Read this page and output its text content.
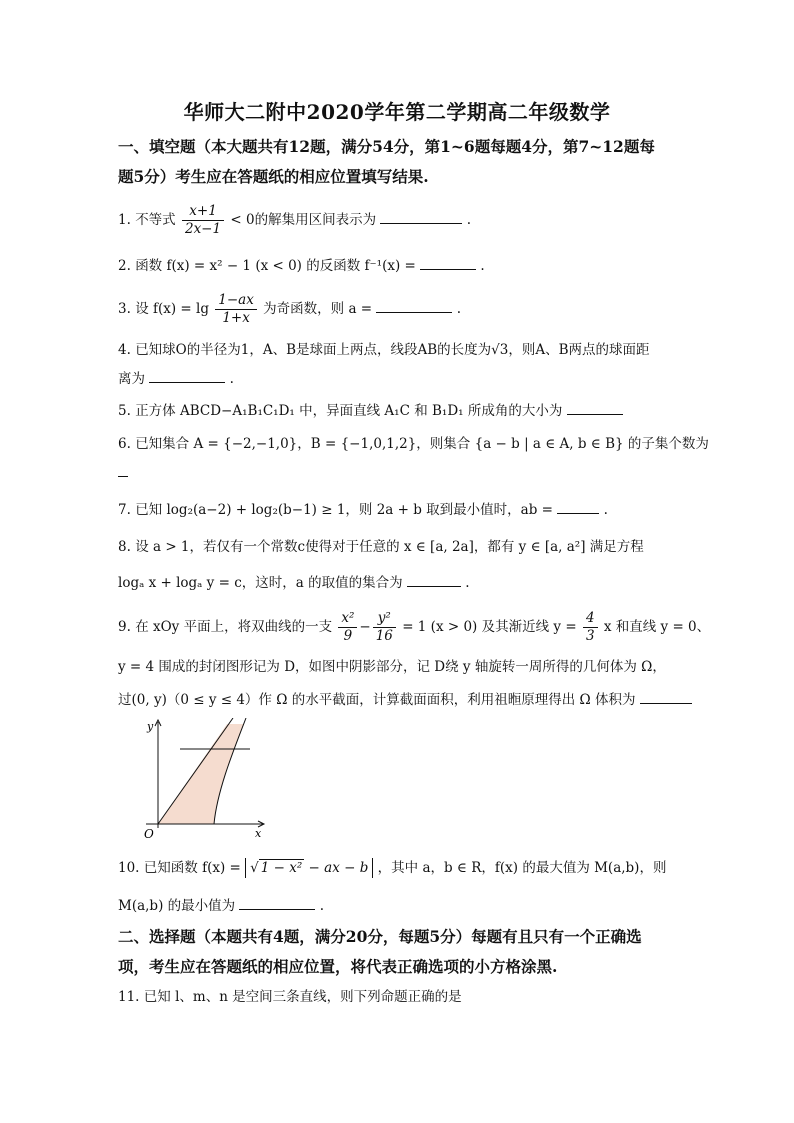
华师大二附中2020学年第二学期高二年级数学
一、填空题（本大题共有12题，满分54分，第1~6题每题4分，第7~12题每
题5分）考生应在答题纸的相应位置填写结果.
1. 不等式 $\frac{x+1}{2x-1} < 0$的解集用区间表示为	.
2. 函数 f(x) = x² − 1 (x < 0) 的反函数 f⁻¹(x) =	.
3. 设 $f(x) = \lg \frac{1-ax}{1+x}$ 为奇函数，则 a =	.
4. 已知球O的半径为1，A、B是球面上两点，线段AB的长度为√3，则A、B两点的球面距
离为	.
5. 正方体 ABCD−A₁B₁C₁D₁ 中，异面直线 A₁C 和 B₁D₁ 所成角的大小为
6. 已知集合 A = {−2,−1,0}，B = {−1,0,1,2}，则集合 {a − b | a ∈ A, b ∈ B} 的子集个数为
7. 已知 log₂(a−2) + log₂(b−1) ≥ 1，则 2a + b 取到最小值时，ab =	.
8. 设 a > 1，若仅有一个常数c使得对于任意的 x ∈ [a, 2a]，都有 y ∈ [a, a²] 满足方程
logₐ x + logₐ y = c，这时，a 的取值的集合为	.
9. 在 xOy 平面上，将双曲线的一支 $\frac{\text{x²}}{9} - \frac{\text{y²}}{16} = 1$ (x > 0) 及其渐近线 $y = \frac{4}{3}$ x 和直线 y = 0、
y = 4 围成的封闭图形记为 D，如图中阴影部分，记 D绕 y 轴旋转一周所得的几何体为 Ω，
过(0, y)（0 ≤ y ≤ 4）作 Ω 的水平截面，计算截面面积，利用祖暅原理得出 Ω 体积为
y
x
O
10. 已知函数 f(x) = √ 1 − x² − ax − b ，其中 a，b ∈ R，f(x) 的最大值为 M(a,b)，则
M(a,b) 的最小值为	.
二、选择题（本题共有4题，满分20分，每题5分）每题有且只有一个正确选
项，考生应在答题纸的相应位置，将代表正确选项的小方格涂黑.
11. 已知 l、m、n 是空间三条直线，则下列命题正确的是
